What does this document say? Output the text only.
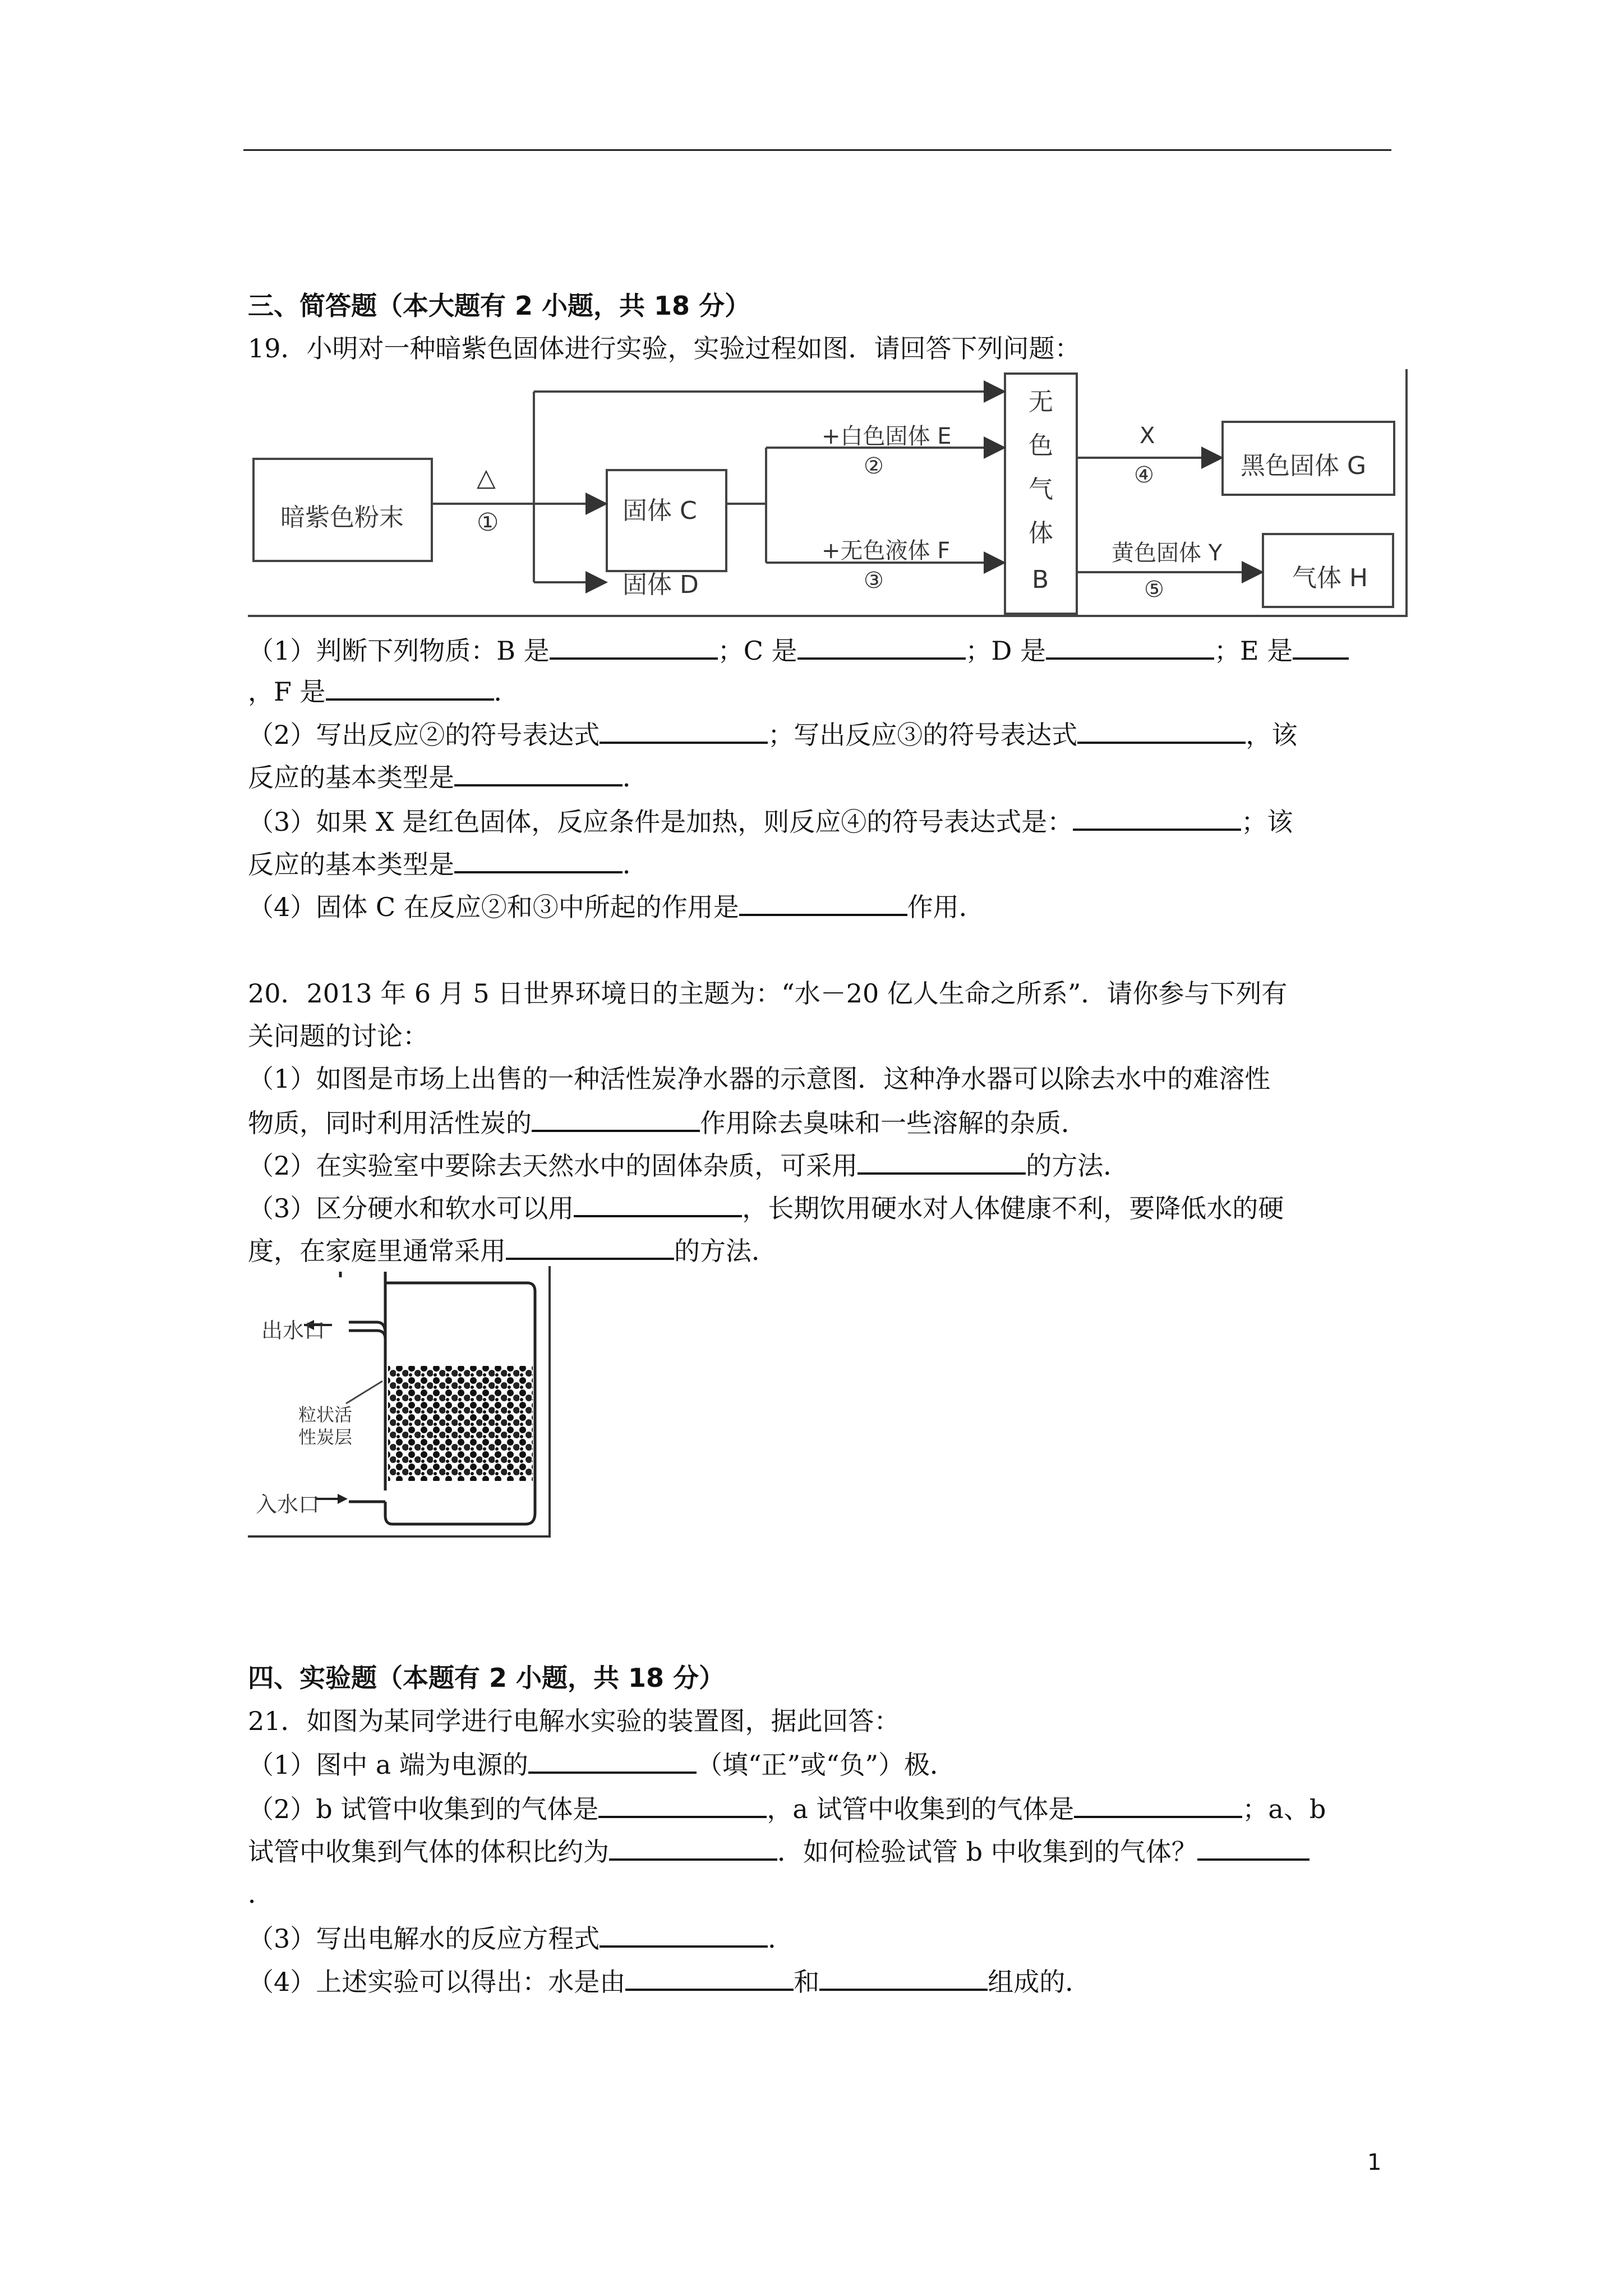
三、简答题（本大题有 2 小题，共 18 分）
19．小明对一种暗紫色固体进行实验，实验过程如图．请回答下列问题：
暗紫色粉末
△
①	固体 C
固体 D
+白色固体 E
②
+无色液体 F
③
无
色
气
体
B
X
④	黑色固体 G
黄色固体 Y
⑤	气体 H
（1）判断下列物质：B 是	；C 是	；D 是	；E 是
，F 是	．
（2）写出反应②的符号表达式	；写出反应③的符号表达式	，该
反应的基本类型是	．
（3）如果 X 是红色固体，反应条件是加热，则反应④的符号表达式是：	；该
反应的基本类型是	．
（4）固体 C 在反应②和③中所起的作用是	作用．
20．2013 年 6 月 5 日世界环境日的主题为：“水－20 亿人生命之所系”．请你参与下列有
关问题的讨论：
（1）如图是市场上出售的一种活性炭净水器的示意图．这种净水器可以除去水中的难溶性
物质，同时利用活性炭的	作用除去臭味和一些溶解的杂质．
（2）在实验室中要除去天然水中的固体杂质，可采用	的方法．
（3）区分硬水和软水可以用	，长期饮用硬水对人体健康不利，要降低水的硬
度，在家庭里通常采用	的方法．
出水口
粒状活
性炭层
入水口
四、实验题（本题有 2 小题，共 18 分）
21．如图为某同学进行电解水实验的装置图，据此回答：
（1）图中 a 端为电源的	（填“正”或“负”）极．
（2）b 试管中收集到的气体是	，a 试管中收集到的气体是	；a、b
试管中收集到气体的体积比约为	．如何检验试管 b 中收集到的气体？
．
（3）写出电解水的反应方程式	．
（4）上述实验可以得出：水是由	和	组成的．
1
